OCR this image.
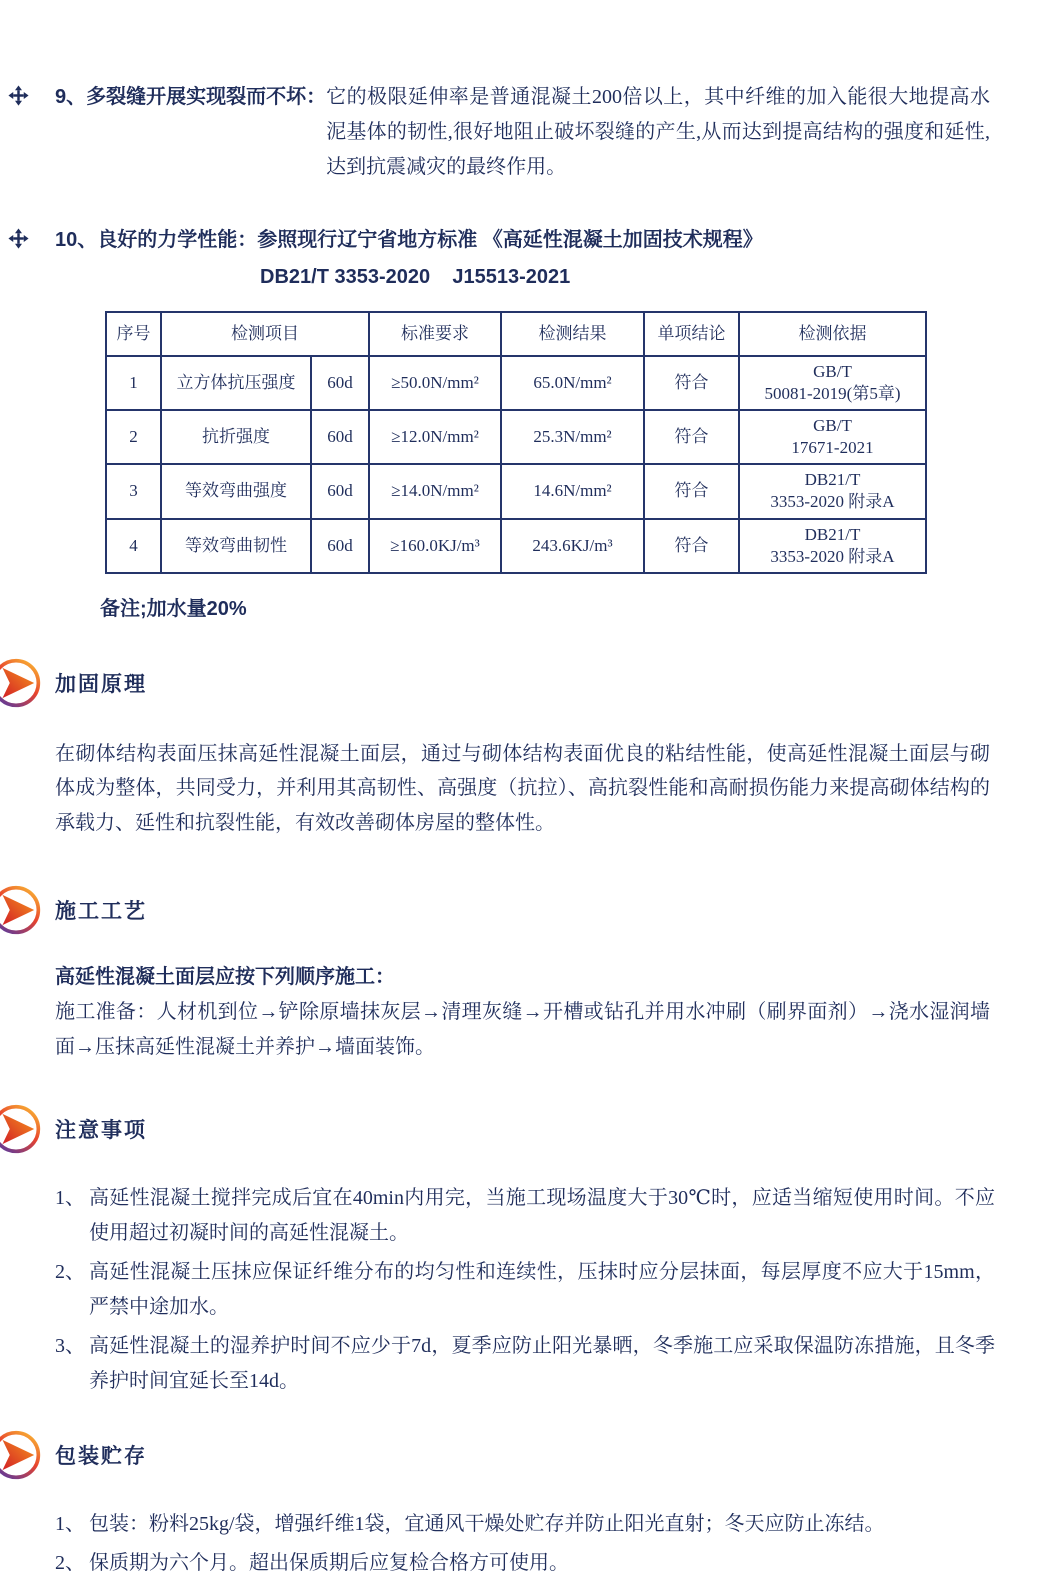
9、多裂缝开展实现裂而不坏： 它的极限延伸率是普通混凝土200倍以上，其中纤维的加入能很大地提高水泥基体的韧性,很好地阻止破坏裂缝的产生,从而达到提高结构的强度和延性,达到抗震减灾的最终作用。
10、良好的力学性能：参照现行辽宁省地方标准 《高延性混凝土加固技术规程》
DB21/T 3353-2020    J15513-2021
序号	检测项目		标准要求	检测结果	单项结论	检测依据
1	立方体抗压强度	60d	≥50.0N/mm²	65.0N/mm²	符合	GB/T
50081-2019(第5章)

2	抗折强度	60d	≥12.0N/mm²	25.3N/mm²	符合	GB/T
17671-2021

3	等效弯曲强度	60d	≥14.0N/mm²	14.6N/mm²	符合	DB21/T
3353-2020 附录A

4	等效弯曲韧性	60d	≥160.0KJ/m³	243.6KJ/m³	符合	DB21/T
3353-2020 附录A
备注;加水量20%
加固原理
在砌体结构表面压抹高延性混凝土面层，通过与砌体结构表面优良的粘结性能，使高延性混凝土面层与砌体成为整体，共同受力，并利用其高韧性、高强度（抗拉）、高抗裂性能和高耐损伤能力来提高砌体结构的承载力、延性和抗裂性能，有效改善砌体房屋的整体性。
施工工艺
高延性混凝土面层应按下列顺序施工：
施工准备：人材机到位→铲除原墙抹灰层→清理灰缝→开槽或钻孔并用水冲刷（刷界面剂）→浇水湿润墙面→压抹高延性混凝土并养护→墙面装饰。
注意事项
1、 高延性混凝土搅拌完成后宜在40min内用完，当施工现场温度大于30℃时，应适当缩短使用时间。不应使用超过初凝时间的高延性混凝土。
2、 高延性混凝土压抹应保证纤维分布的均匀性和连续性，压抹时应分层抹面，每层厚度不应大于15mm，严禁中途加水。
3、 高延性混凝土的湿养护时间不应少于7d，夏季应防止阳光暴晒，冬季施工应采取保温防冻措施，且冬季养护时间宜延长至14d。
包装贮存
1、 包装：粉料25kg/袋，增强纤维1袋，宜通风干燥处贮存并防止阳光直射；冬天应防止冻结。
2、 保质期为六个月。超出保质期后应复检合格方可使用。
